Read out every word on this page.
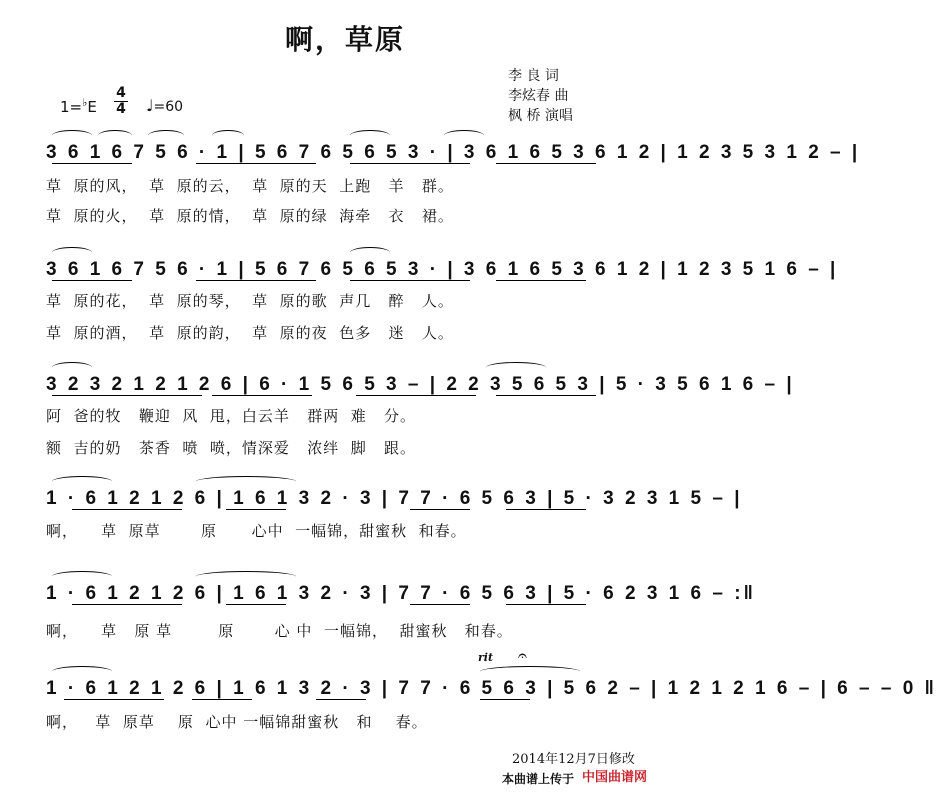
啊，草原
李 良 词
李炫春 曲
枫 桥 演唱
1=♭E
4
4 ♩=60
3 6 1 6 7 5 6 · 1 | 5 6 7 6 5 6 5 3 · | 3 6 1 6 5 3 6 1 2 | 1 2 3 5 3 1 2 – |
草  原的风，  草  原的云，  草  原的天  上跑   羊   群。
草  原的火，  草  原的情，  草  原的绿  海牵   衣   裙。
3 6 1 6 7 5 6 · 1 | 5 6 7 6 5 6 5 3 · | 3 6 1 6 5 3 6 1 2 | 1 2 3 5 1 6 – |
草  原的花，  草  原的琴，  草  原的歌  声几   醉   人。
草  原的酒，  草  原的韵，  草  原的夜  色多   迷   人。
3 2 3 2 1 2 1 2 6 | 6 · 1 5 6 5 3 – | 2 2 3 5 6 5 3 | 5 · 3 5 6 1 6 – |
阿  爸的牧   鞭迎  风  甩，白云羊   群两  难   分。
额  吉的奶   茶香  喷  喷，情深爱   浓绊  脚   跟。
1 · 6 1 2 1 2 6 | 1 6 1 3 2 · 3 | 7 7 · 6 5 6 3 | 5 · 3 2 3 1 5 – |
啊，    草  原草       原      心中  一幅锦，甜蜜秋  和春。
1 · 6 1 2 1 2 6 | 1 6 1 3 2 · 3 | 7 7 · 6 5 6 3 | 5 · 6 2 3 1 6 – :‖
啊，    草   原 草        原       心 中  一幅锦，  甜蜜秋   和春。
1 · 6 1 2 1 2 6 | 1 6 1 3 2 · 3 | 7 7 · 6 5 6 3 | 5 6 2 – | 1 2 1 2 1 6 – | 6 – – 0 ‖
啊，   草  原草    原  心中 一幅锦甜蜜秋   和    春。
rit 𝄐
2014年12月7日修改
本曲谱上传于 中国曲谱网
